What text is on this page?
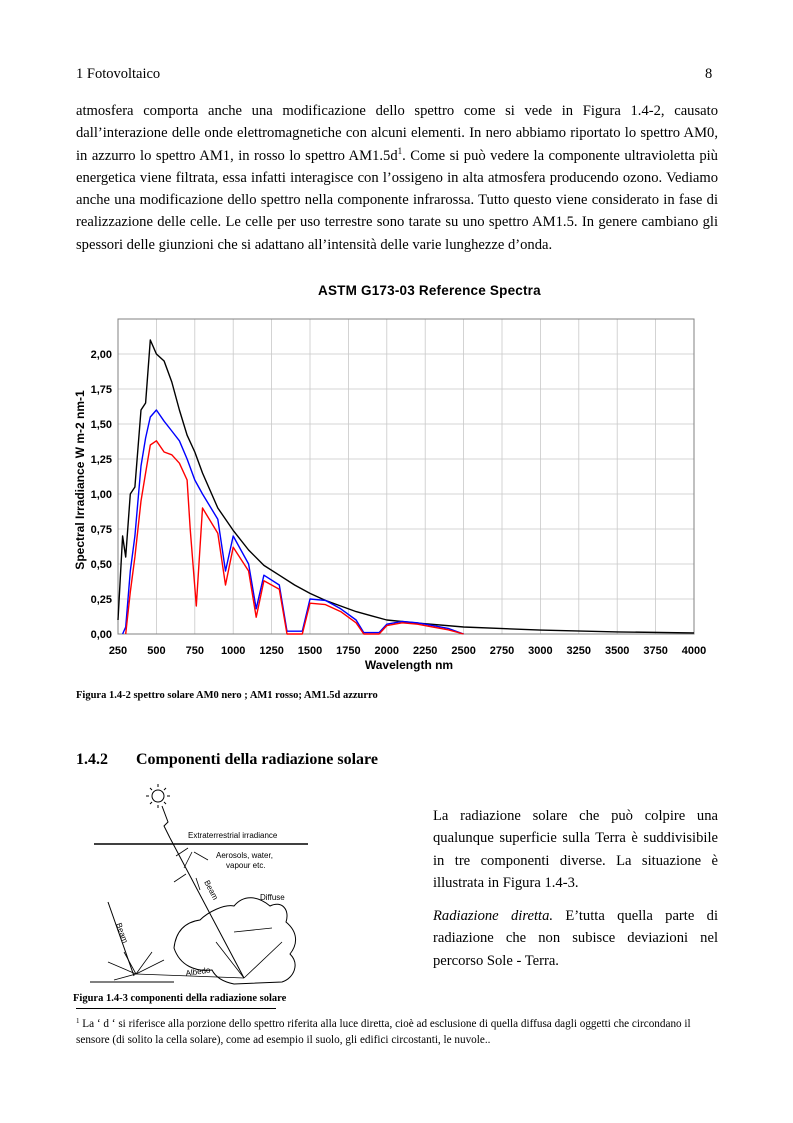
1 Fotovoltaico	8
atmosfera comporta anche una modificazione dello spettro come si vede in Figura 1.4-2, causato dall’interazione delle onde elettromagnetiche con alcuni elementi. In nero abbiamo riportato lo spettro AM0, in azzurro lo spettro AM1, in rosso lo spettro $AM1.5d^1$. Come si può vedere la componente ultravioletta più energetica viene filtrata, essa infatti interagisce con l’ossigeno in alta atmosfera producendo ozono. Vediamo anche una modificazione dello spettro nella componente infrarossa. Tutto questo viene considerato in fase di realizzazione delle celle. Le celle per uso terrestre sono tarate su uno spettro AM1.5. In genere cambiano gli spessori delle giunzioni che si adattano all’intensità delle varie lunghezze d’onda.
ASTM G173-03 Reference Spectra
0,00
0,25
0,50
0,75
1,00
1,25
1,50
1,75
2,00
250 500 750 1000 1250 1500 1750 2000 2250 2500 2750 3000 3250 3500 3750 4000
Wavelength nm
Spectral Irradiance W m-2 nm-1
Figura 1.4-2 spettro solare AM0 nero ; AM1 rosso; AM1.5d azzurro
1.4.2 Componenti della radiazione solare
Extraterrestrial irradiance
Aerosols, water,
vapour etc.
Diffuse
Beam
Beam
Albedo
Figura 1.4-3 componenti della radiazione solare

La radiazione solare che può colpire una qualunque superficie sulla Terra è suddivisibile in tre componenti diverse. La situazione è illustrata in Figura 1.4-3.

Radiazione diretta. E’tutta quella parte di radiazione che non subisce deviazioni nel percorso Sole - Terra.

$^1$ La ‘ d ‘ si riferisce alla porzione dello spettro riferita alla luce diretta, cioè ad esclusione di quella diffusa dagli oggetti che circondano il sensore (di solito la cella solare), come ad esempio il suolo, gli edifici circostanti, le nuvole..
